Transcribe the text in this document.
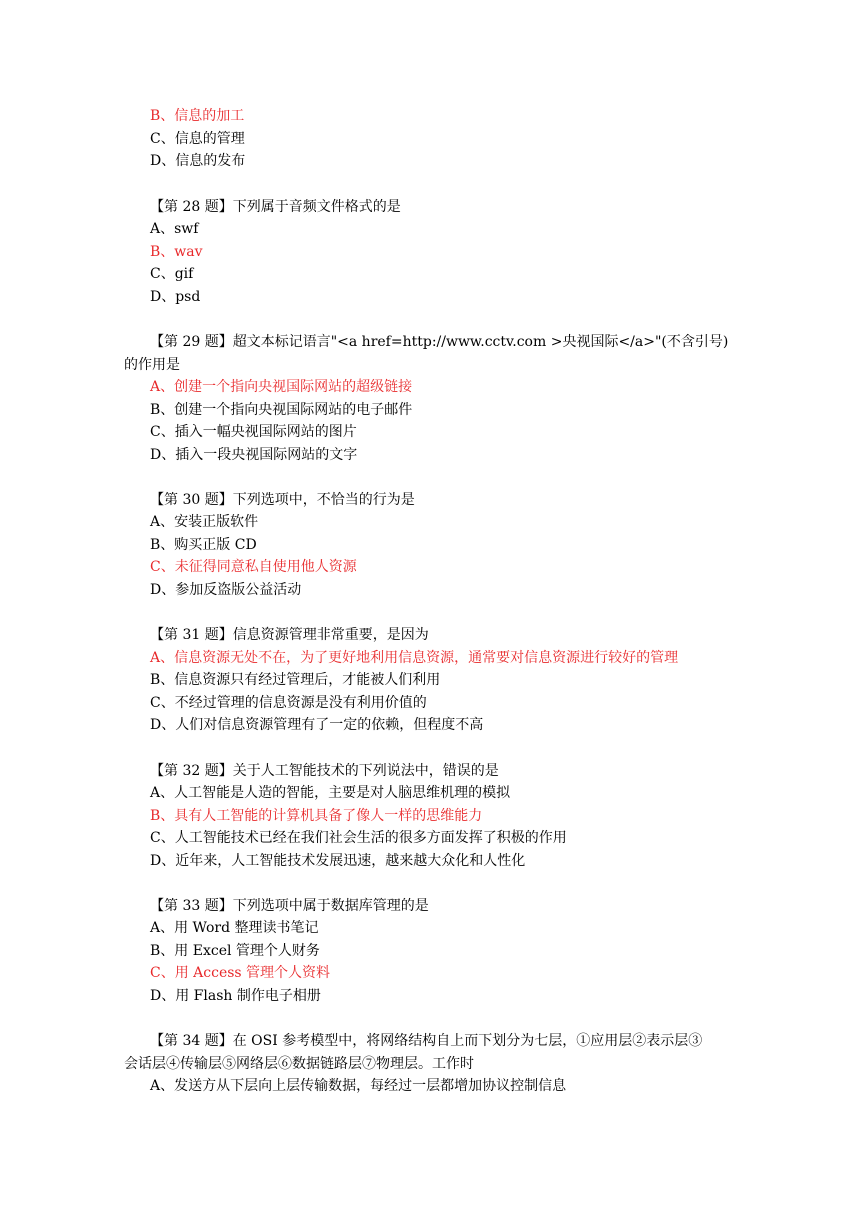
B、信息的加工
C、信息的管理
D、信息的发布
【第 28 题】下列属于音频文件格式的是
A、swf
B、wav
C、gif
D、psd
【第 29 题】超文本标记语言"<a href=http://www.cctv.com >央视国际</a>"(不含引号)
的作用是
A、创建一个指向央视国际网站的超级链接
B、创建一个指向央视国际网站的电子邮件
C、插入一幅央视国际网站的图片
D、插入一段央视国际网站的文字
【第 30 题】下列选项中，不恰当的行为是
A、安装正版软件
B、购买正版 CD
C、未征得同意私自使用他人资源
D、参加反盗版公益活动
【第 31 题】信息资源管理非常重要，是因为
A、信息资源无处不在，为了更好地利用信息资源，通常要对信息资源进行较好的管理
B、信息资源只有经过管理后，才能被人们利用
C、不经过管理的信息资源是没有利用价值的
D、人们对信息资源管理有了一定的依赖，但程度不高
【第 32 题】关于人工智能技术的下列说法中，错误的是
A、人工智能是人造的智能，主要是对人脑思维机理的模拟
B、具有人工智能的计算机具备了像人一样的思维能力
C、人工智能技术已经在我们社会生活的很多方面发挥了积极的作用
D、近年来，人工智能技术发展迅速，越来越大众化和人性化
【第 33 题】下列选项中属于数据库管理的是
A、用 Word 整理读书笔记
B、用 Excel 管理个人财务
C、用 Access 管理个人资料
D、用 Flash 制作电子相册
【第 34 题】在 OSI 参考模型中，将网络结构自上而下划分为七层，①应用层②表示层③
会话层④传输层⑤网络层⑥数据链路层⑦物理层。工作时
A、发送方从下层向上层传输数据，每经过一层都增加协议控制信息
